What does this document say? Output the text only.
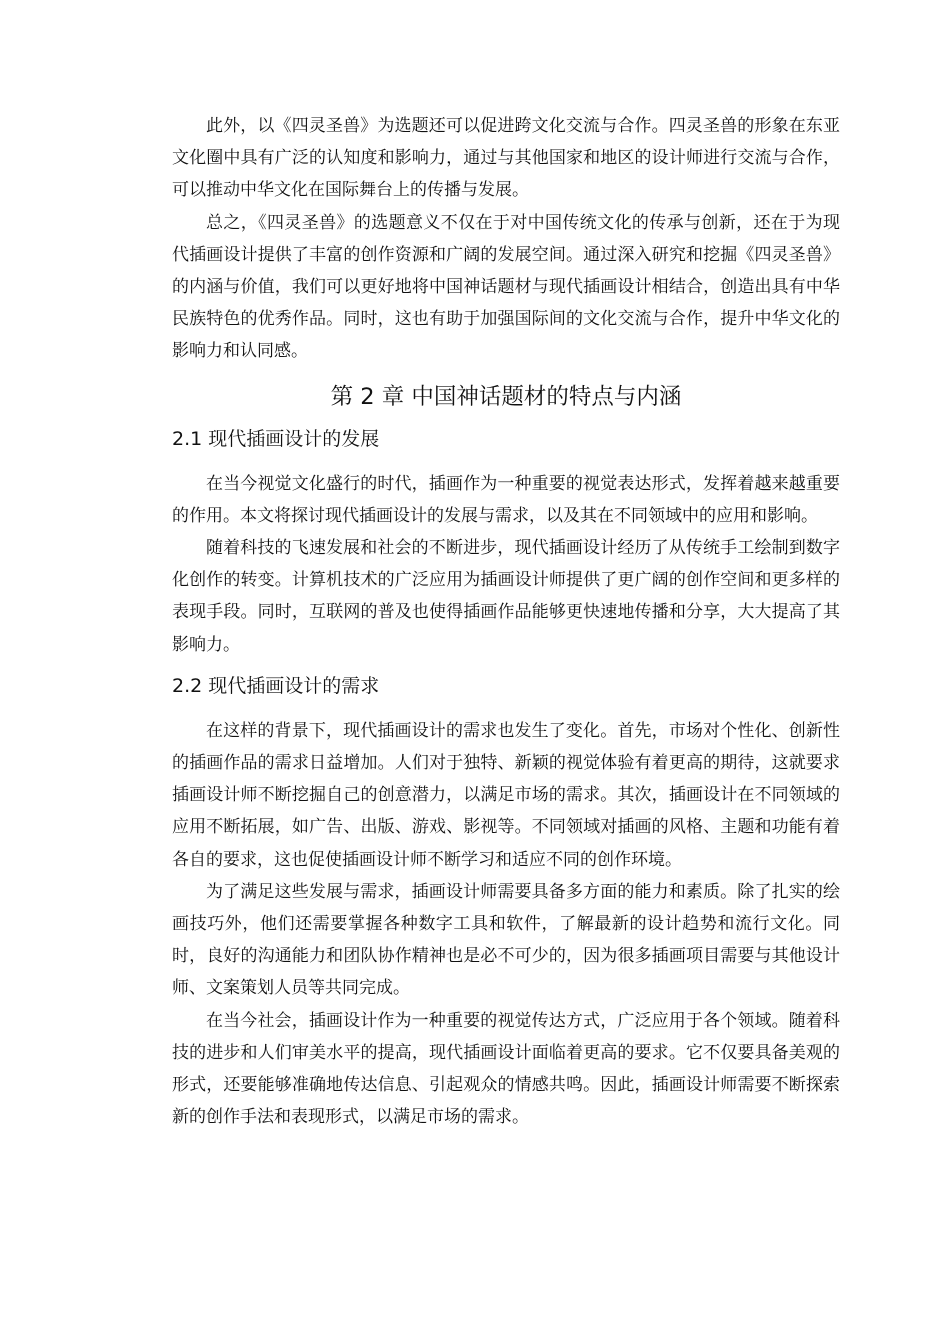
此外，以《四灵圣兽》为选题还可以促进跨文化交流与合作。四灵圣兽的形象在东亚文化圈中具有广泛的认知度和影响力，通过与其他国家和地区的设计师进行交流与合作，可以推动中华文化在国际舞台上的传播与发展。

总之，《四灵圣兽》的选题意义不仅在于对中国传统文化的传承与创新，还在于为现代插画设计提供了丰富的创作资源和广阔的发展空间。通过深入研究和挖掘《四灵圣兽》的内涵与价值，我们可以更好地将中国神话题材与现代插画设计相结合，创造出具有中华民族特色的优秀作品。同时，这也有助于加强国际间的文化交流与合作，提升中华文化的影响力和认同感。

第 2 章 中国神话题材的特点与内涵
2.1 现代插画设计的发展

在当今视觉文化盛行的时代，插画作为一种重要的视觉表达形式，发挥着越来越重要的作用。本文将探讨现代插画设计的发展与需求，以及其在不同领域中的应用和影响。

随着科技的飞速发展和社会的不断进步，现代插画设计经历了从传统手工绘制到数字化创作的转变。计算机技术的广泛应用为插画设计师提供了更广阔的创作空间和更多样的表现手段。同时，互联网的普及也使得插画作品能够更快速地传播和分享，大大提高了其影响力。

2.2 现代插画设计的需求

在这样的背景下，现代插画设计的需求也发生了变化。首先，市场对个性化、创新性的插画作品的需求日益增加。人们对于独特、新颖的视觉体验有着更高的期待，这就要求插画设计师不断挖掘自己的创意潜力，以满足市场的需求。其次，插画设计在不同领域的应用不断拓展，如广告、出版、游戏、影视等。不同领域对插画的风格、主题和功能有着各自的要求，这也促使插画设计师不断学习和适应不同的创作环境。

为了满足这些发展与需求，插画设计师需要具备多方面的能力和素质。除了扎实的绘画技巧外，他们还需要掌握各种数字工具和软件，了解最新的设计趋势和流行文化。同时，良好的沟通能力和团队协作精神也是必不可少的，因为很多插画项目需要与其他设计师、文案策划人员等共同完成。

在当今社会，插画设计作为一种重要的视觉传达方式，广泛应用于各个领域。随着科技的进步和人们审美水平的提高，现代插画设计面临着更高的要求。它不仅要具备美观的形式，还要能够准确地传达信息、引起观众的情感共鸣。因此，插画设计师需要不断探索新的创作手法和表现形式，以满足市场的需求。
